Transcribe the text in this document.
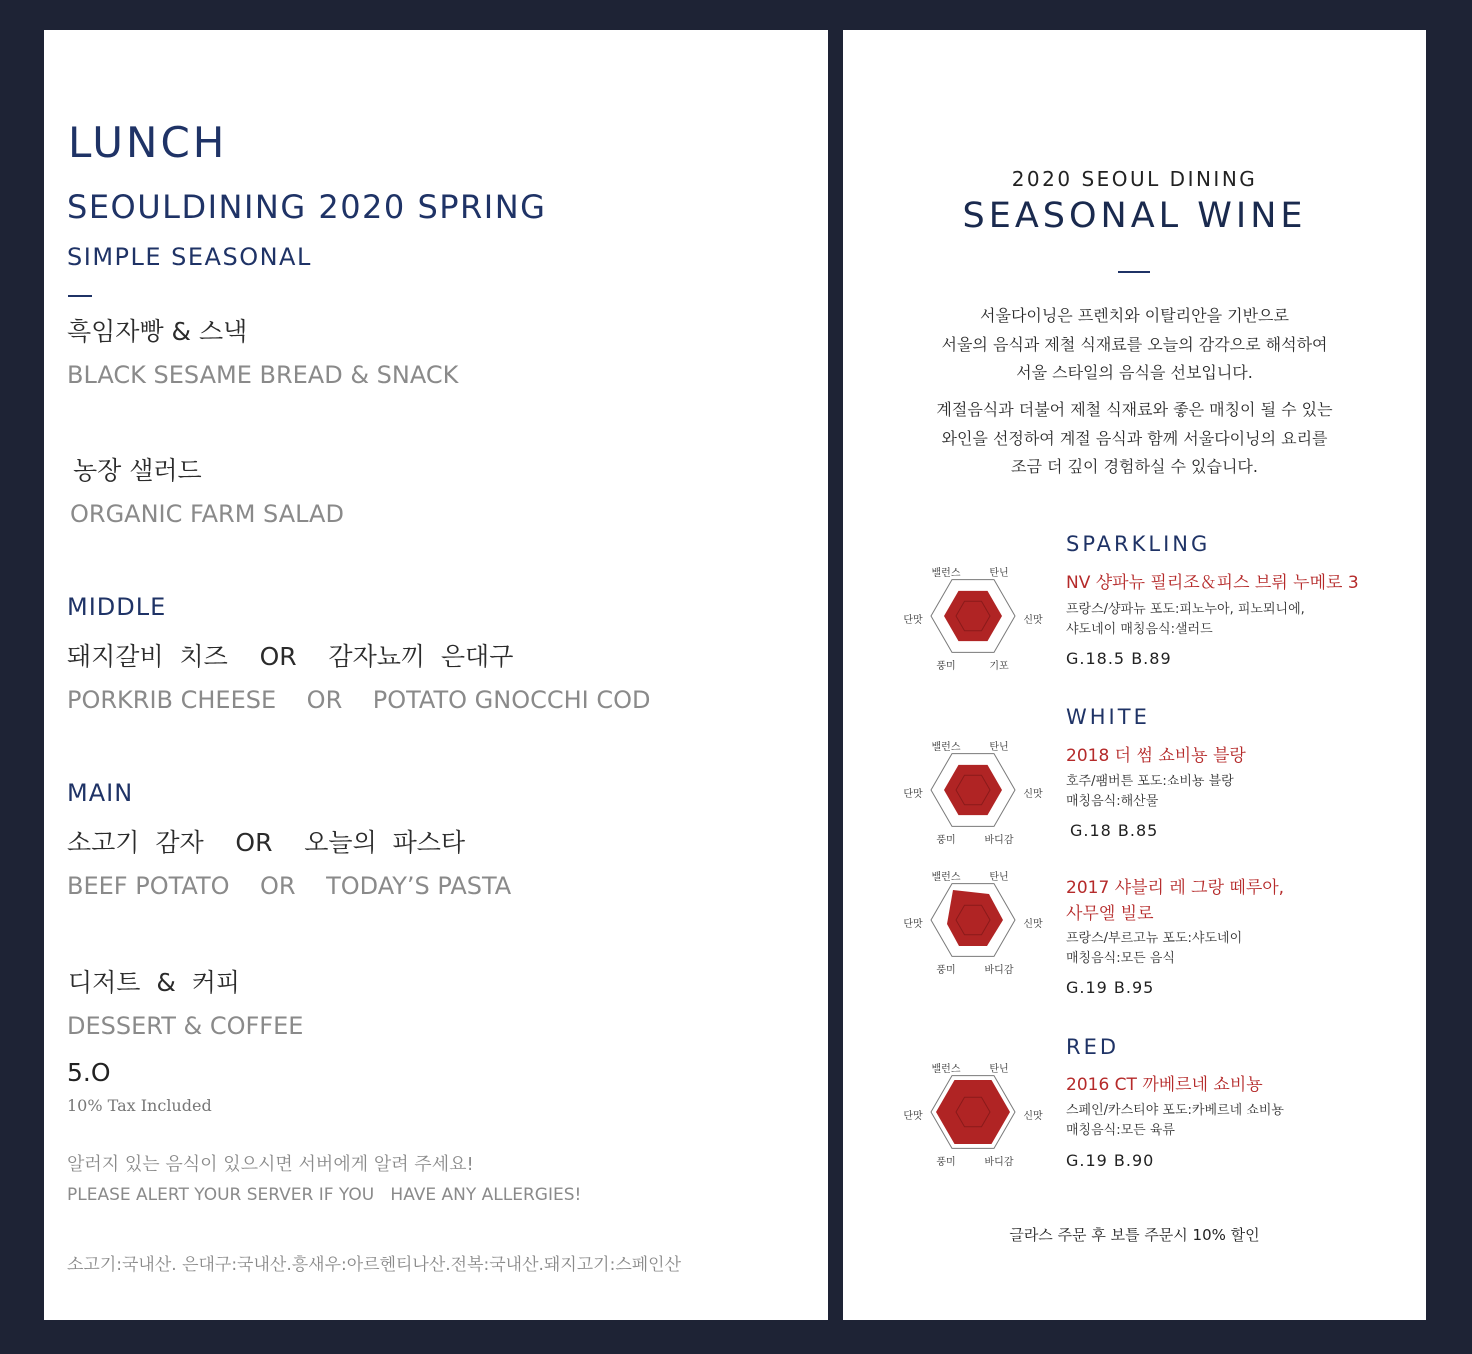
LUNCH
SEOULDINING 2020 SPRING
SIMPLE SEASONAL
흑임자빵 & 스낵
BLACK SESAME BREAD & SNACK
농장 샐러드
ORGANIC FARM SALAD
MIDDLE
돼지갈비  치즈    OR    감자뇨끼  은대구
PORKRIB CHEESE    OR    POTATO GNOCCHI COD
MAIN
소고기  감자    OR    오늘의  파스타
BEEF POTATO    OR    TODAY’S PASTA
디저트  &  커피
DESSERT & COFFEE
5.O
10% Tax Included
알러지 있는 음식이 있으시면 서버에게 알려 주세요!
PLEASE ALERT YOUR SERVER IF YOU   HAVE ANY ALLERGIES!
소고기:국내산. 은대구:국내산.흥새우:아르헨티나산.전복:국내산.돼지고기:스페인산
2020 SEOUL DINING
SEASONAL WINE
서울다이닝은 프렌치와 이탈리안을 기반으로
서울의 음식과 제철 식재료를 오늘의 감각으로 해석하여
서울 스타일의 음식을 선보입니다.
계절음식과 더불어 제철 식재료와 좋은 매칭이 될 수 있는
와인을 선정하여 계절 음식과 함께 서울다이닝의 요리를
조금 더 깊이 경험하실 수 있습니다.
SPARKLING
밸런스	탄닌
단맛	신맛
풍미	기포
NV 샹파뉴 필리조＆피스 브뤼 누메로 3
프랑스/샹파뉴 포도:피노누아, 피노뫼니에,
샤도네이 매칭음식:샐러드
G.18.5 B.89
WHITE
밸런스	탄닌
단맛	신맛
풍미	바디감
2018 더 썸 쇼비뇽 블랑
호주/팸버튼 포도:쇼비뇽 블랑
매칭음식:해산물
G.18 B.85
밸런스	탄닌
단맛	신맛
풍미	바디감
2017 샤블리 레 그랑 떼루아,
사무엘 빌로
프랑스/부르고뉴 포도:샤도네이
매칭음식:모든 음식
G.19 B.95
RED
밸런스	탄닌
단맛	신맛
풍미	바디감
2016 CT 까베르네 쇼비뇽
스페인/카스티야 포도:카베르네 쇼비뇽
매칭음식:모든 육류
G.19 B.90
글라스 주문 후 보틀 주문시 10% 할인
